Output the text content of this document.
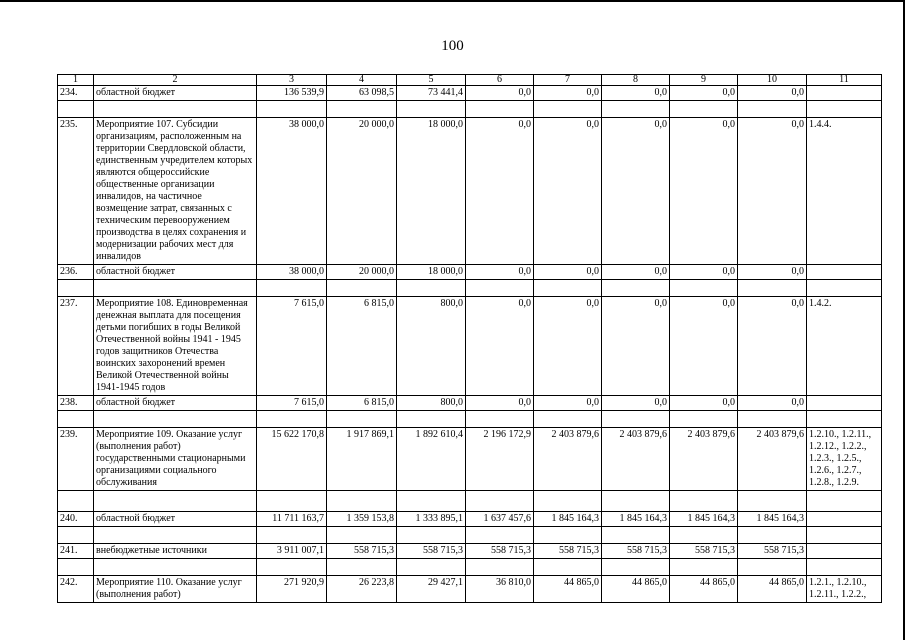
100
1	2	3	4	5	6	7	8	9	10	11
234.	областной бюджет	136 539,9	63 098,5	73 441,4	0,0	0,0	0,0	0,0	0,0	

235.	Мероприятие 107. Субсидии организациям, расположенным на территории Свердловской области, единственным учредителем которых являются общероссийские общественные организации инвалидов, на частичное возмещение затрат, связанных с техническим перевооружением производства в целях сохранения и модернизации рабочих мест для инвалидов	38 000,0	20 000,0	18 000,0	0,0	0,0	0,0	0,0	0,0	1.4.4.
236.	областной бюджет	38 000,0	20 000,0	18 000,0	0,0	0,0	0,0	0,0	0,0	

237.	Мероприятие 108. Единовременная денежная выплата для посещения детьми погибших в годы Великой Отечественной войны 1941 - 1945 годов защитников Отечества воинских захоронений времен Великой Отечественной войны 1941-1945 годов	7 615,0	6 815,0	800,0	0,0	0,0	0,0	0,0	0,0	1.4.2.
238.	областной бюджет	7 615,0	6 815,0	800,0	0,0	0,0	0,0	0,0	0,0	

239.	Мероприятие 109. Оказание услуг (выполнения работ) государственными стационарными организациями социального обслуживания	15 622 170,8	1 917 869,1	1 892 610,4	2 196 172,9	2 403 879,6	2 403 879,6	2 403 879,6	2 403 879,6	1.2.10., 1.2.11., 1.2.12., 1.2.2., 1.2.3., 1.2.5., 1.2.6., 1.2.7., 1.2.8., 1.2.9.

240.	областной бюджет	11 711 163,7	1 359 153,8	1 333 895,1	1 637 457,6	1 845 164,3	1 845 164,3	1 845 164,3	1 845 164,3	

241.	внебюджетные источники	3 911 007,1	558 715,3	558 715,3	558 715,3	558 715,3	558 715,3	558 715,3	558 715,3	

242.	Мероприятие 110. Оказание услуг (выполнения работ)	271 920,9	26 223,8	29 427,1	36 810,0	44 865,0	44 865,0	44 865,0	44 865,0	1.2.1., 1.2.10., 1.2.11., 1.2.2.,
